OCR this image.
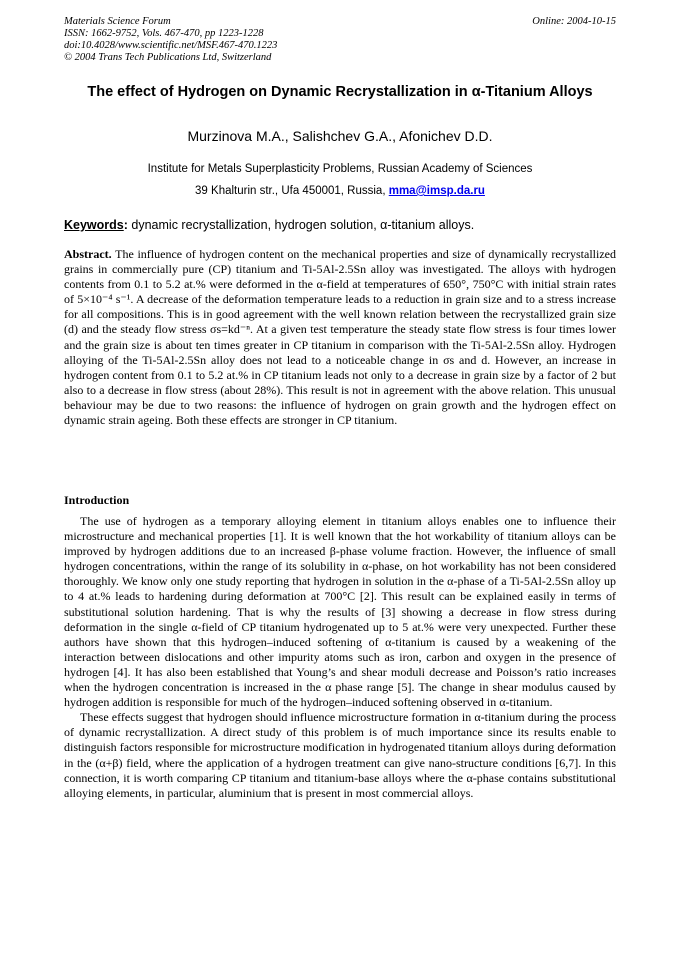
Materials Science Forum
ISSN: 1662-9752, Vols. 467-470, pp 1223-1228
doi:10.4028/www.scientific.net/MSF.467-470.1223
© 2004 Trans Tech Publications Ltd, Switzerland
Online: 2004-10-15
The effect of Hydrogen on Dynamic Recrystallization in α-Titanium Alloys
Murzinova M.A., Salishchev G.A., Afonichev D.D.
Institute for Metals Superplasticity Problems, Russian Academy of Sciences
39 Khalturin str., Ufa 450001, Russia, mma@imsp.da.ru
Keywords: dynamic recrystallization, hydrogen solution, α-titanium alloys.
Abstract. The influence of hydrogen content on the mechanical properties and size of dynamically recrystallized grains in commercially pure (CP) titanium and Ti-5Al-2.5Sn alloy was investigated. The alloys with hydrogen contents from 0.1 to 5.2 at.% were deformed in the α-field at temperatures of 650°, 750°C with initial strain rates of 5×10⁻⁴ s⁻¹. A decrease of the deformation temperature leads to a reduction in grain size and to a stress increase for all compositions. This is in good agreement with the well known relation between the recrystallized grain size (d) and the steady flow stress σs=kd⁻ⁿ. At a given test temperature the steady state flow stress is four times lower and the grain size is about ten times greater in CP titanium in comparison with the Ti-5Al-2.5Sn alloy. Hydrogen alloying of the Ti-5Al-2.5Sn alloy does not lead to a noticeable change in σs and d. However, an increase in hydrogen content from 0.1 to 5.2 at.% in CP titanium leads not only to a decrease in grain size by a factor of 2 but also to a decrease in flow stress (about 28%). This result is not in agreement with the above relation. This unusual behaviour may be due to two reasons: the influence of hydrogen on grain growth and the hydrogen effect on dynamic strain ageing. Both these effects are stronger in CP titanium.
Introduction

The use of hydrogen as a temporary alloying element in titanium alloys enables one to influence their microstructure and mechanical properties [1]. It is well known that the hot workability of titanium alloys can be improved by hydrogen additions due to an increased β-phase volume fraction. However, the influence of small hydrogen concentrations, within the range of its solubility in α-phase, on hot workability has not been considered thoroughly. We know only one study reporting that hydrogen in solution in the α-phase of a Ti-5Al-2.5Sn alloy up to 4 at.% leads to hardening during deformation at 700°C [2]. This result can be explained easily in terms of substitutional solution hardening. That is why the results of [3] showing a decrease in flow stress during deformation in the single α-field of CP titanium hydrogenated up to 5 at.% were very unexpected. Further these authors have shown that this hydrogen–induced softening of α-titanium is caused by a weakening of the interaction between dislocations and other impurity atoms such as iron, carbon and oxygen in the presence of hydrogen [4]. It has also been established that Young’s and shear moduli decrease and Poisson’s ratio increases when the hydrogen concentration is increased in the α phase range [5]. The change in shear modulus caused by hydrogen addition is responsible for much of the hydrogen–induced softening observed in α-titanium.

These effects suggest that hydrogen should influence microstructure formation in α-titanium during the process of dynamic recrystallization. A direct study of this problem is of much importance since its results enable to distinguish factors responsible for microstructure modification in hydrogenated titanium alloys during deformation in the (α+β) field, where the application of a hydrogen treatment can give nano-structure conditions [6,7]. In this connection, it is worth comparing CP titanium and titanium-base alloys where the α-phase contains substitutional alloying elements, in particular, aluminium that is present in most commercial alloys.
